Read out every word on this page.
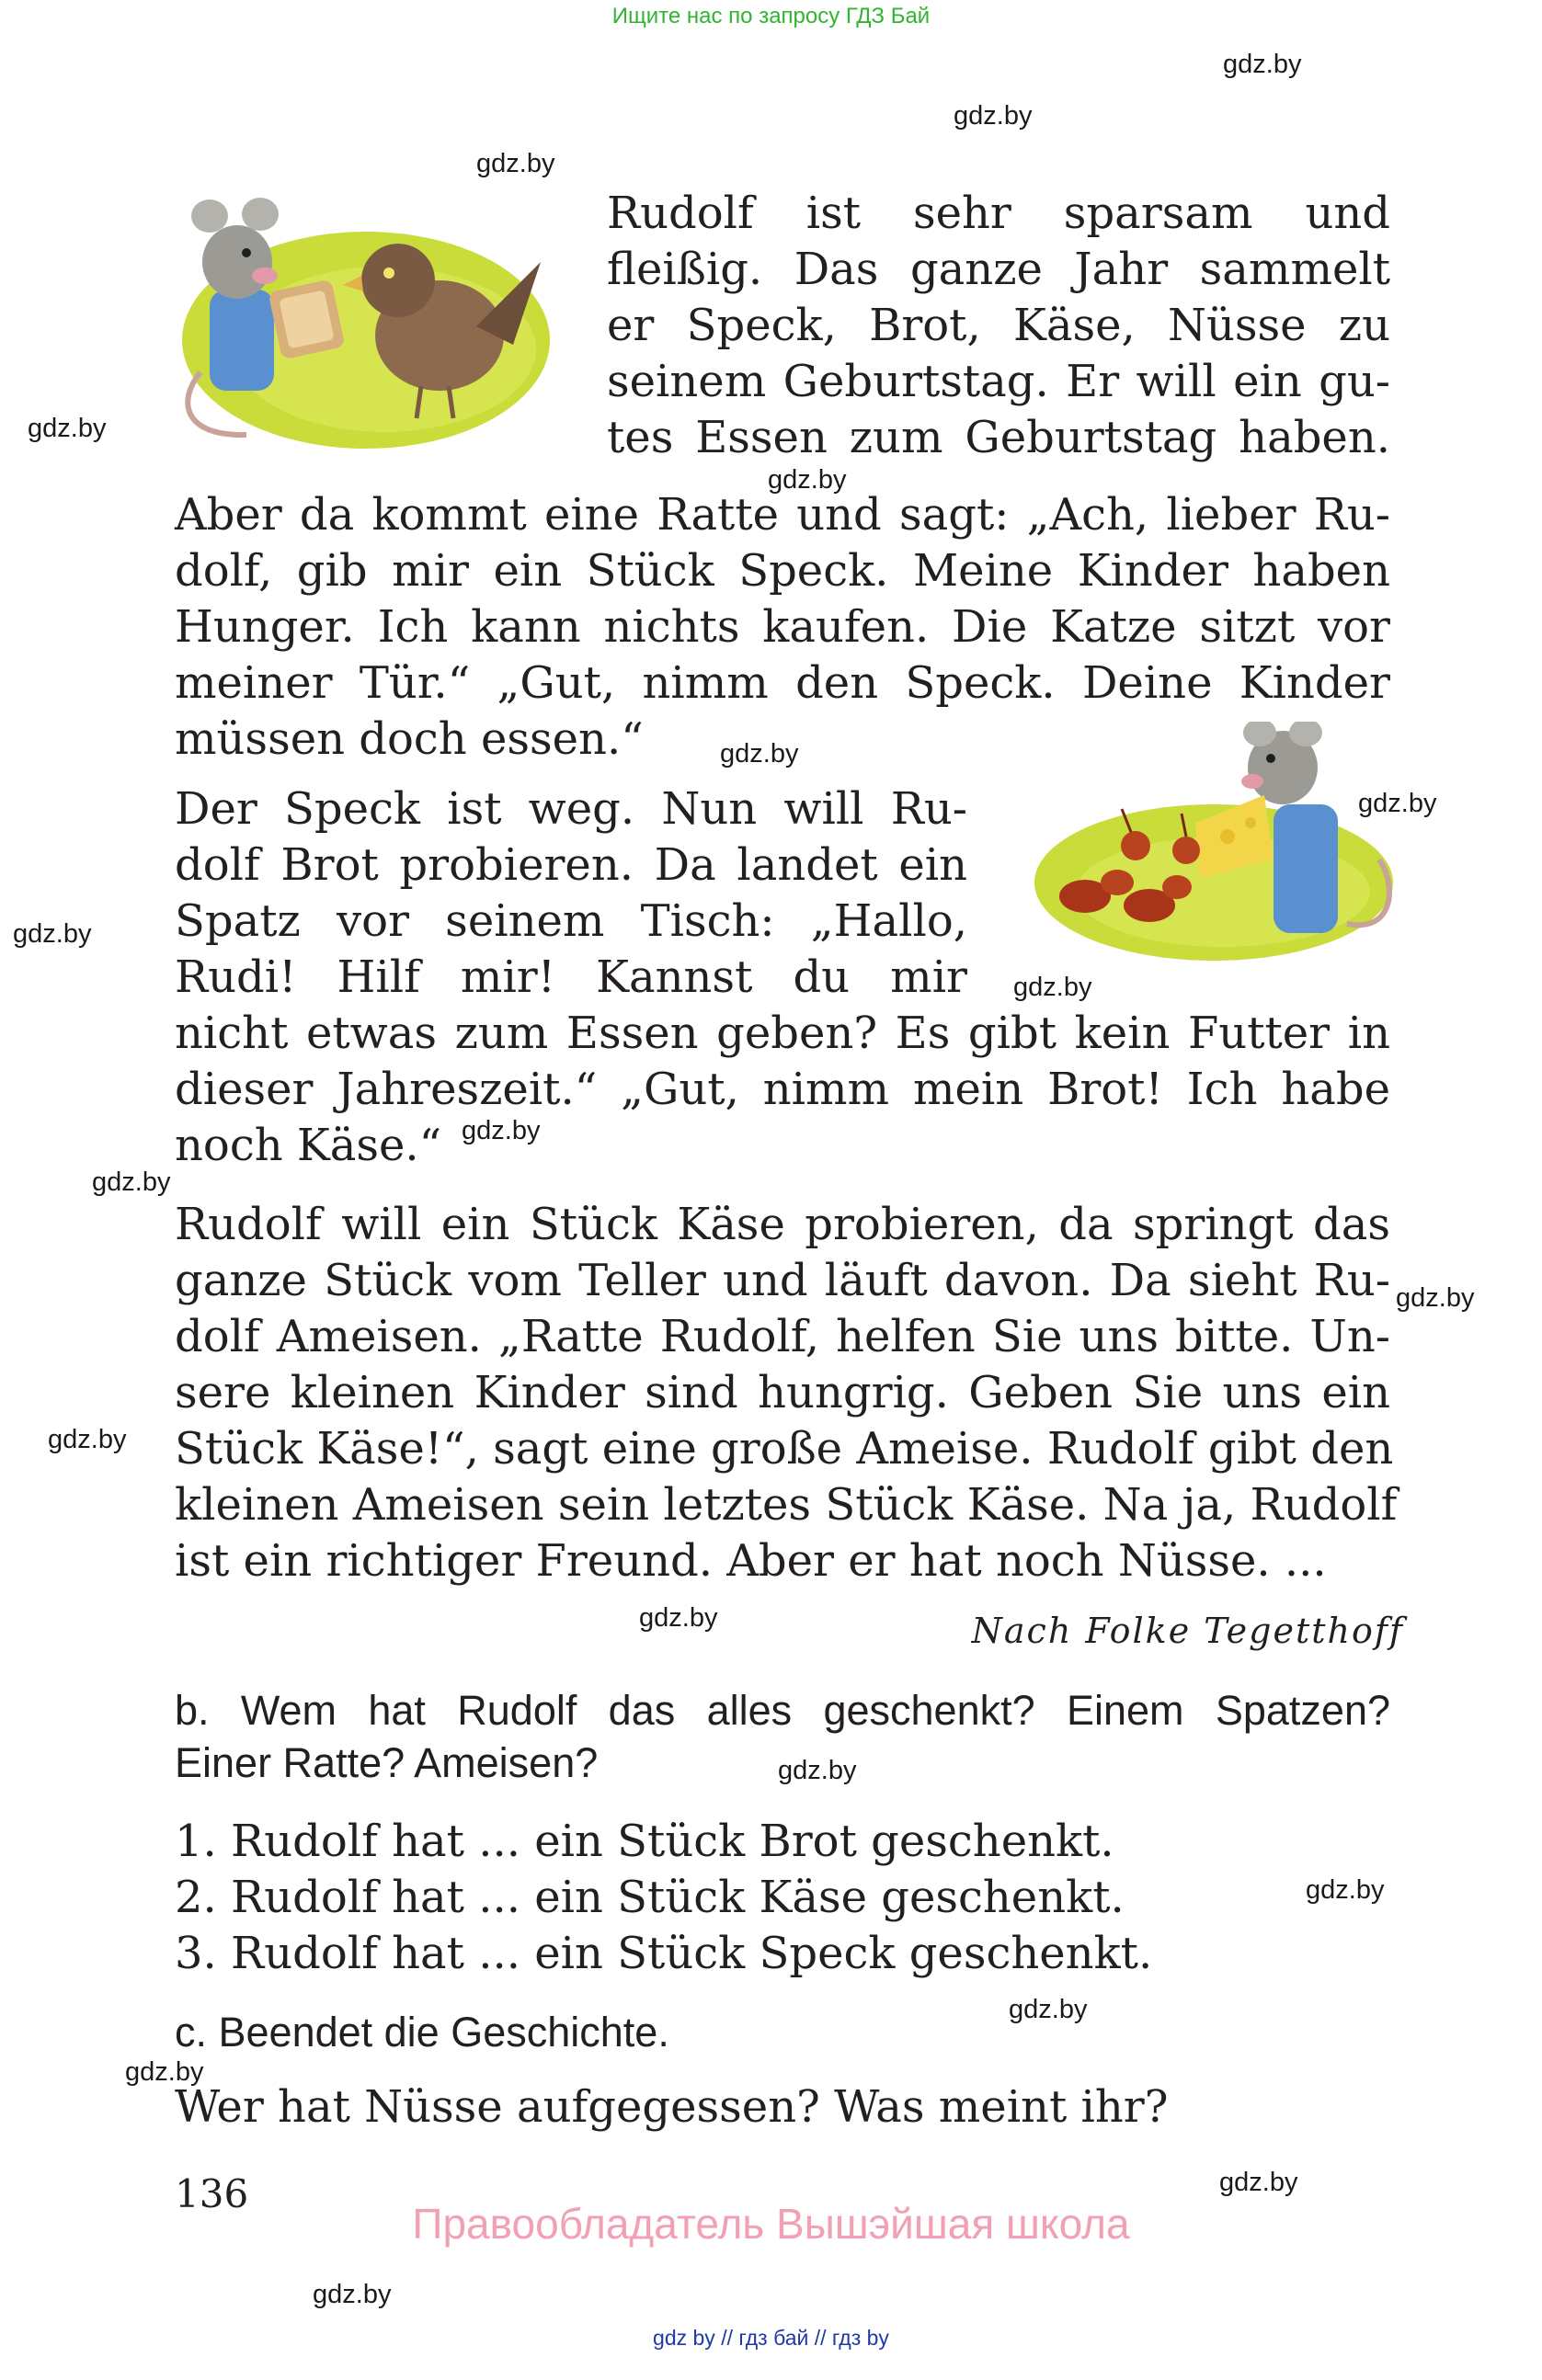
Ищите нас по запросу ГДЗ Бай
gdz.by
gdz.by
gdz.by
gdz.by
gdz.by
gdz.by
gdz.by
gdz.by
gdz.by
gdz.by
gdz.by
gdz.by
gdz.by
gdz.by
gdz.by
gdz.by
gdz.by
gdz.by
gdz.by
gdz.by
Rudolf ist sehr sparsam und
fleißig. Das ganze Jahr sammelt
er Speck, Brot, Käse, Nüsse zu
seinem Geburtstag. Er will ein gu-
tes Essen zum Geburtstag haben.
Aber da kommt eine Ratte und sagt: „Ach, lieber Ru-
dolf, gib mir ein Stück Speck. Meine Kinder haben
Hunger. Ich kann nichts kaufen. Die Katze sitzt vor
meiner Tür.“ „Gut, nimm den Speck. Deine Kinder
müssen doch essen.“
Der Speck ist weg. Nun will Ru-
dolf Brot probieren. Da landet ein
Spatz vor seinem Tisch: „Hallo,
Rudi! Hilf mir! Kannst du mir
nicht etwas zum Essen geben? Es gibt kein Futter in
dieser Jahreszeit.“ „Gut, nimm mein Brot! Ich habe
noch Käse.“
Rudolf will ein Stück Käse probieren, da springt das
ganze Stück vom Teller und läuft davon. Da sieht Ru-
dolf Ameisen. „Ratte Rudolf, helfen Sie uns bitte. Un-
sere kleinen Kinder sind hungrig. Geben Sie uns ein
Stück Käse!“, sagt eine große Ameise. Rudolf gibt den
kleinen Ameisen sein letztes Stück Käse. Na ja, Rudolf
ist ein richtiger Freund. Aber er hat noch Nüsse. ...
Nach Folke Tegetthoff
b. Wem hat Rudolf das alles geschenkt? Einem Spatzen?
Einer Ratte? Ameisen?
1. Rudolf hat ... ein Stück Brot geschenkt.
2. Rudolf hat ... ein Stück Käse geschenkt.
3. Rudolf hat ... ein Stück Speck geschenkt.
c. Beendet die Geschichte.
Wer hat Nüsse aufgegessen? Was meint ihr?
136
Правообладатель Вышэйшая школа
gdz by // гдз бай // гдз by
